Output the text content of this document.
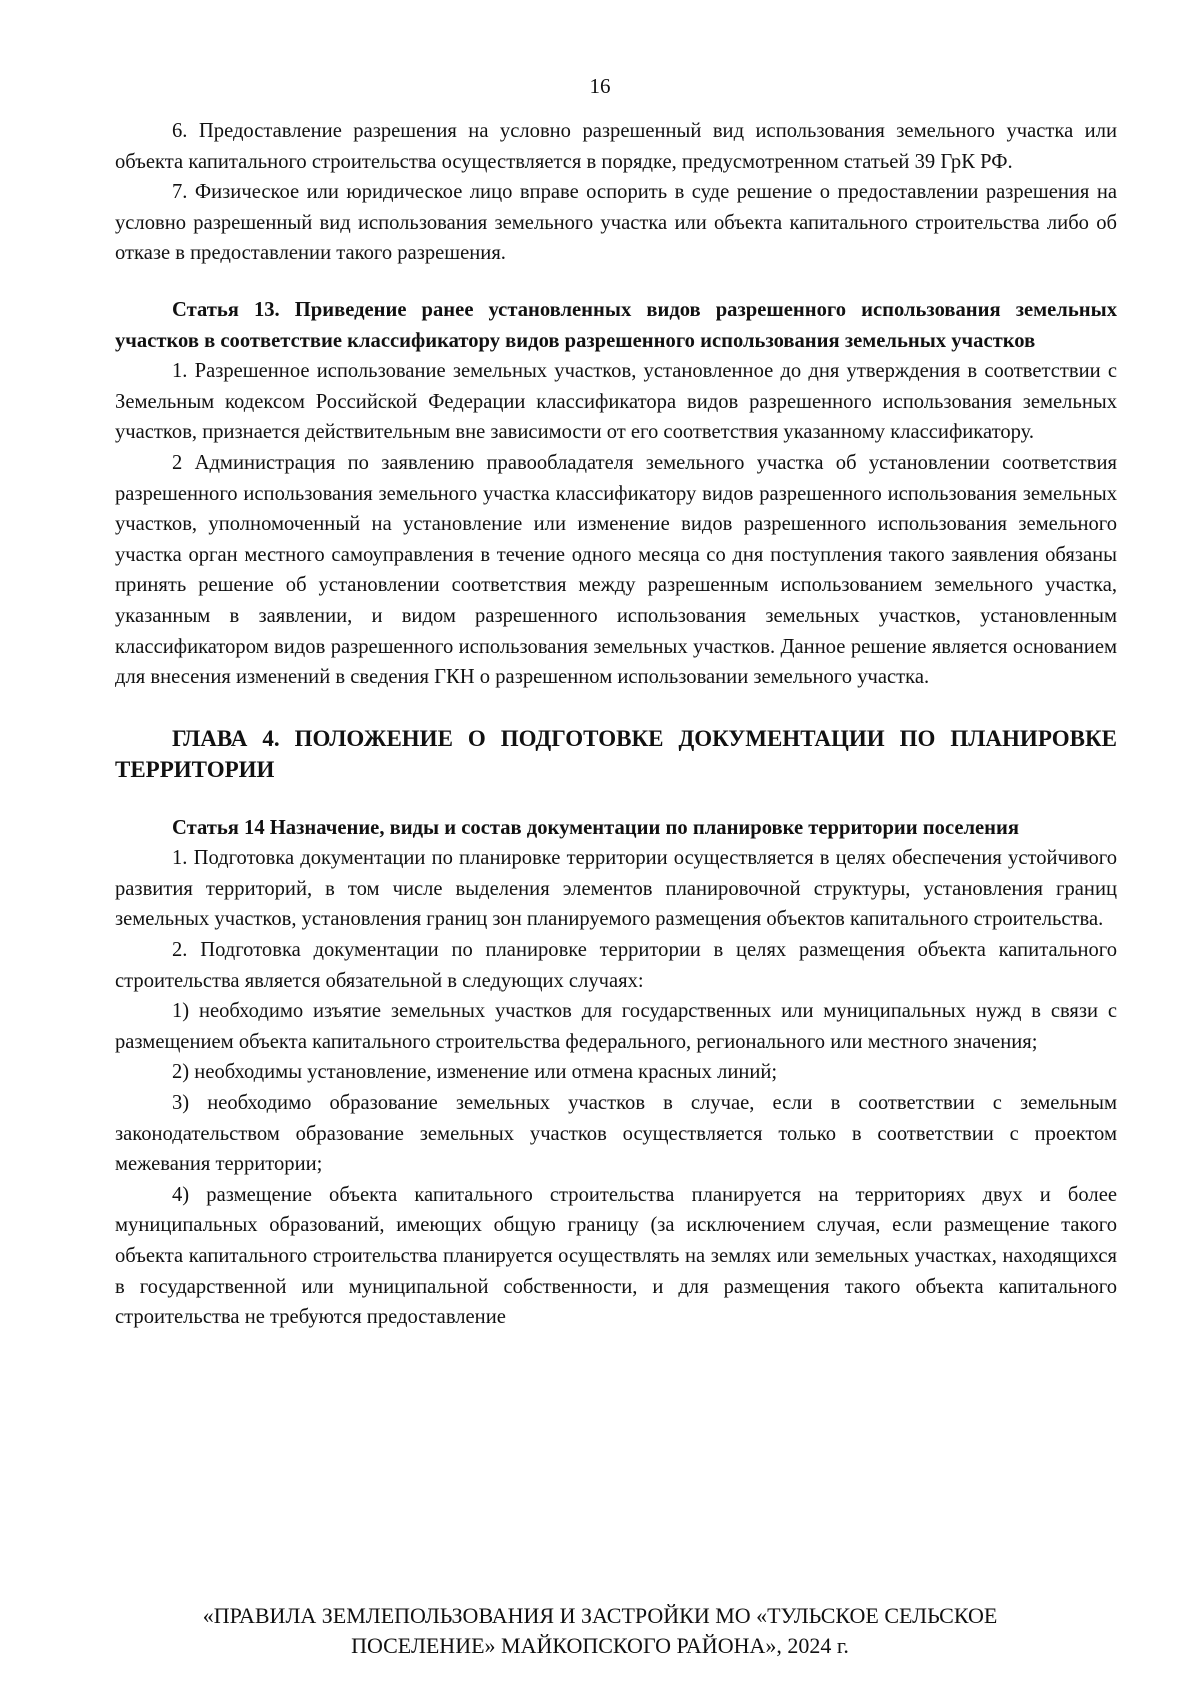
16

6. Предоставление разрешения на условно разрешенный вид использования земельного участка или объекта капитального строительства осуществляется в порядке, предусмотренном статьей 39 ГрК РФ.

7. Физическое или юридическое лицо вправе оспорить в суде решение о предоставлении разрешения на условно разрешенный вид использования земельного участка или объекта капитального строительства либо об отказе в предоставлении такого разрешения.

Статья 13. Приведение ранее установленных видов разрешенного использования земельных участков в соответствие классификатору видов разрешенного использования земельных участков

1. Разрешенное использование земельных участков, установленное до дня утверждения в соответствии с Земельным кодексом Российской Федерации классификатора видов разрешенного использования земельных участков, признается действительным вне зависимости от его соответствия указанному классификатору.

2 Администрация по заявлению правообладателя земельного участка об установлении соответствия разрешенного использования земельного участка классификатору видов разрешенного использования земельных участков, уполномоченный на установление или изменение видов разрешенного использования земельного участка орган местного самоуправления в течение одного месяца со дня поступления такого заявления обязаны принять решение об установлении соответствия между разрешенным использованием земельного участка, указанным в заявлении, и видом разрешенного использования земельных участков, установленным классификатором видов разрешенного использования земельных участков. Данное решение является основанием для внесения изменений в сведения ГКН о разрешенном использовании земельного участка.

ГЛАВА 4. ПОЛОЖЕНИЕ О ПОДГОТОВКЕ ДОКУМЕНТАЦИИ ПО ПЛАНИРОВКЕ ТЕРРИТОРИИ

Статья 14 Назначение, виды и состав документации по планировке территории поселения

1. Подготовка документации по планировке территории осуществляется в целях обеспечения устойчивого развития территорий, в том числе выделения элементов планировочной структуры, установления границ земельных участков, установления границ зон планируемого размещения объектов капитального строительства.

2. Подготовка документации по планировке территории в целях размещения объекта капитального строительства является обязательной в следующих случаях:

1) необходимо изъятие земельных участков для государственных или муниципальных нужд в связи с размещением объекта капитального строительства федерального, регионального или местного значения;

2) необходимы установление, изменение или отмена красных линий;

3) необходимо образование земельных участков в случае, если в соответствии с земельным законодательством образование земельных участков осуществляется только в соответствии с проектом межевания территории;

4) размещение объекта капитального строительства планируется на территориях двух и более муниципальных образований, имеющих общую границу (за исключением случая, если размещение такого объекта капитального строительства планируется осуществлять на землях или земельных участках, находящихся в государственной или муниципальной собственности, и для размещения такого объекта капитального строительства не требуются предоставление

«ПРАВИЛА ЗЕМЛЕПОЛЬЗОВАНИЯ И ЗАСТРОЙКИ МО «ТУЛЬСКОЕ СЕЛЬСКОЕ
ПОСЕЛЕНИЕ» МАЙКОПСКОГО РАЙОНА», 2024 г.
